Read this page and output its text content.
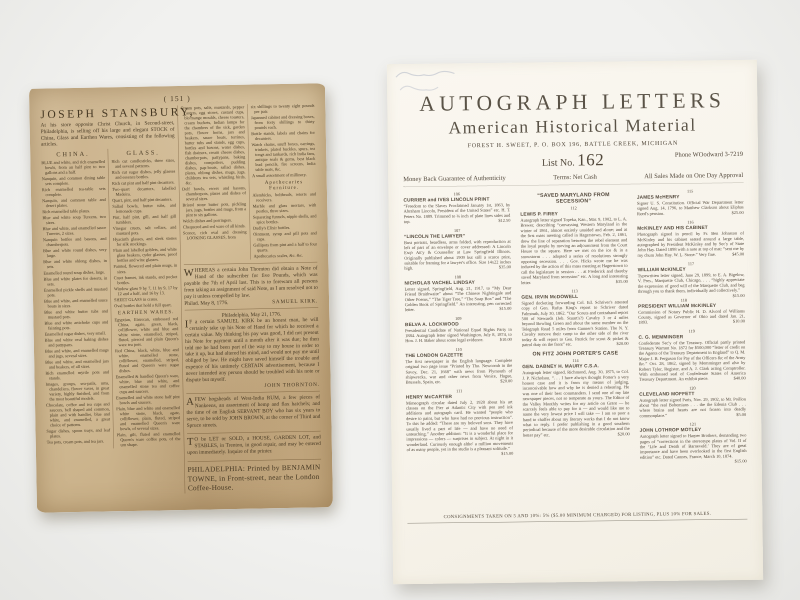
( 151 )
JOSEPH STANSBURY,
At his store opposite Christ Church, in Second-street, Philadelphia, is selling off his large and elegant STOCK of China, Glass and Earthen Wares, consisting of the following articles.
CHINA.
BLUE and white, and rich enamelled bowls, from an half pint to two gallons and a half.
Nanquin, and common dining table sets complete.
Rich enamelled tea-table sets complete.
Nanquin, and common table and desert plates.
Rich enamelled table plates.
Blue and white soup Tureens, two sizes.
Blue and white, and enamelled sauce Tureens, 2 sizes.
Nanquin bottles and basons, and chamberpots.
Blue and white round dishes, very large.
Blue and white oblong dishes, in sets.
Enamelled round soup dishes, large.
Blue and white plates for deserts, in sets.
Enamelled pickle shells and mustard pots.
Blue and white, and enamelled sauce boats in sizes.
Blue and white butter tubs and mustard pots.
Blue and white artichoke cups and fainting pots.
Enamelled sugar dishes, very small.
Blue and white oval baking dishes and pattypans.
Blue and white, and enamelled mugs and jugs, several sizes.
Blue and white, and enamelled jars and beakers, of all sizes.
Rich enamelled myrtle pots and stands.
Images, groups, sea-pails, urns, chandeliers, flower vases, in great variety, highly finished, and from the most beautiful models.
Chocolate, coffee and tea cups and saucers, bell shaped and common, plain and with handles, blue and white, and enamelled, a great choice of patterns.
Sugar dishes, spoon trays, and leaf plates.
Tea pots, cream pots, and tea jars.
GLASS.
Rich cut candlesticks, three sizes, and several patterns.
Rich cut sugar dishes, jelly glasses and essence bottles.
Rich cut pint and half pint decanters.
Two-quart decanters, labelled Madeira.
Quart, pint, and half pint decanters.
Sallad bowls, butter tubs, and lemonade cups.
Pint, half pint, gill, and half gill tumblers.
Vinegar cruets, salt cellars, and mustard pots.
Hyacinth glasses, and sleek stones for silk stockings.
Plain and labelled goblets, and white glass beakers, cyder glasses, proof bottles and wine glasses.
Painted, flowered and plain mugs, in sizes.
Cruet frames, ink stands, and pocket bottles.
Window glass 9 by 7, 11 by 9, 17 by 12 and a half, and 16 by 13.
SHEET GLASS in crates.
Oval bottles that hold a full quart.
EARTHEN WARES.
Egyptian, Etruscan, embossed red China, agate, green, black, colliflower, white and blue and white stone, enamelled, striped, fluted, pierced and plain Queen's ware tea pots.
Red China, black, white, blue and white, enamelled stone, colliflower, enamelled, striped, fluted and Queen's ware sugar dishes.
Enamelled & handled Queen's ware, white, blue and white, and enamelled stone tea and coffee cups and saucers.
Enamelled and white stone half pint bowls and saucers.
Plain, blue and white and enamelled white stone, black, agate, colliflower, plain, fluted, striped and enamelled Queen's ware bowls, of several sizes.
Plain, gilt, fluted and enamelled Queen's ware coffee pots, of the urn shape.
Cream pots, salts, mustards, pepper casters, egg stores, custard cups, blo'mange moulds, cheese toasters, cream buckets, Indian lamps for the chambers of the sick, garden pots, flower horns, jars and beakers, sauce boats, terrines, butter tubs and stands, egg cups, bottles and basons, water dishes, fish drainers, cream cheese dishes, chamberpots, pattypans, baking dishes, compotiers, pudding dishes, pap-boats, sallad dishes, plates, oblong dishes, mugs, jugs, childrens tea sets, whistling birds, &c.
Delf bowls, ewers and basons, chamberpots, plates and dishes of several sizes.
Bristol stone butter pots, pickling jars, jugs, bottles and mugs, from a pint to six gallons.
Welch dishes and porringers.
Chequered and red ware of all kinds.
Sconce, rich oval and dressing LOOKING GLASSES, from
six shillings to twenty eight pounds per pair.
Japanned cabinet and dressing boxes, from forty shillings to thirty pounds each.
Bottle stands, labels and chains for decanters.
Watch chains, snuff boxes, earrings, trinkets, plated buckles, spurs, tea tongs and tankards, rich India fans, antique seals & gems, best black lead pencils, fire screens, India table mats, &c.
A small assortment of millinery.
Apothecaries Furniture.
Alembicks, boltheads, retorts and receivers.
Marble and glass mortars, with pestles, three sizes.
Separating funnels, nipple shells, and spice bottles.
Dudly's Elixir bottles.
Ointment, syrup and pill pots and caps.
Gallipots from pint and a half to four quarts.
Apothecaries scales, &c. &c.
WHEREAS a certain John Thornton did obtain a Note of Hand of the subscriber for five Pounds, which was payable the 7th of April last. This is to forewarn all persons from taking an assignment of said Note, as I am resolved not to pay it unless compelled by law.
Philad. May 8, 1776.	SAMUEL KIRK.
Philadelphia, May 21, 1776.
IF a certain SAMUEL KIRK be an honest man, he will certainly take up his Note of Hand for which he received a certain value. My thinking his pay was good, I did not present his Note for payment until a month after it was due; he then told me he had been part of the way to my house in order to take it up, but had altered his mind, and would not pay me until obliged by law. He might have saved himself the trouble and expence of his untimely CERTAIN advertisement, because I never intended any person should be troubled with his note or dispute but myself.
JOHN THORNTON.
AFEW hogsheads of West-India RUM, a few pieces of Nankeens, an assortment of hemp and flax hatchels; and the time of an English SERVANT BOY who has six years to serve, to be sold by JOHN BROWN, at the corner of Third and Spruce streets.
TO be LET or SOLD, a HOUSE, GARDEN LOT, and STABLES, in Trenton, in good repair, and may be entered upon immediately. Inquire of the printer.
PHILADELPHIA: Printed by BENJAMIN TOWNE, in Front-street, near the London Coffee-House.
AUTOGRAPH LETTERS
American Historical Material
FOREST H. SWEET, P. O. BOX 196, BATTLE CREEK, MICHIGAN
List No. 162	Phone WOodward 3-7219
Money Back Guarantee of Authenticity	Terms: Net Cash	All Sales Made on One Day Approval
106
CURRIER and IVES LINCOLN PRINT
“Freedom to the Slaves Proclaimed January 1st, 1863, by Abraham Lincoln, President of the United States” etc. H. T. Peters No. 1889. Trimmed to ¾ inch of plate lines sides and top.	$12.50
107
“LINCOLN THE LAWYER”
Bust portrait, beardless, arms folded, with reproduction at left of part of an envelope or cover addressed: A Lincoln Esq'r Att'y & Counsellor at Law Springfield Illinois. Originally published about 1909 but still a scarce print, suitable for framing for a lawyer's office. Size 14x22 inches high.	$35.00
108
NICHOLAS VACHEL LINDSAY
Letter signed, Springfield, Aug. 21, 1917, to “My Dear Friend Braithwaite” about “The Chinese Nightingale and Other Poems,” “The Tiger Tree,” “The Soap Box” and “The Golden Book of Springfield.” An interesting, pen corrected letter.	$15.00
109
BELVA A. LOCKWOOD
Presidential Candidate of National Equal Rights Party in 1884. Autograph letter signed Washington, July 8, 1874, to Hon. J. H. Baker about some legal evidence.	$10.00
110
THE LONDON GAZETTE
The first newspaper in the English language. Complete original two page issue “Printed by Tho. Newcomb in the Savoy, Dec. 21, 1668” with news from Plymouth of shipwrecks, war and other news from Venice, Hague, Brussels, Spain, etc.	$20.00
111
HENRY McCARTER
Mimeograph circular dated July 2, 1928 about his art classes on the Pier at Atlantic City with pen and ink additions and autograph card. He wanted “people who desire to paint, but who have had no previous instruction”. To this he added: “These are my beloved sons. They have usually lived a part of life — and have no need of unteaching.” Another addition: “It is a wonderful place for impressions — colors — surprises in subject. At night in it wonderland. Curiously enough altho' a million movements of as many people, yet in the studio is a pleasant solitude.”
$15.00
“SAVED MARYLAND FROM SECESSION”
112
LEWIS P. FIREY
Autograph letter signed Topeka, Kan., Mar. 9, 1902, to L. A. Brewer, describing “canvassing Western Maryland in the winter of 1861, almost entirely unaided and alone; and at the first mass meeting called in Hagerstown, Feb. 2, 1861, drew the line of separation between the rebel element and the loyal people by moving an adjournment from the Court House to the square. Here we met on the ice & in a snowstorm . . . adopted a series of resolutions strongly opposing secession. . . . Gov. Hicks wrote me he was induced by the action of this mass meeting at Hagerstown to call the legislature in session . . . at Frederick and thereby saved Maryland from secession” etc. A long and interesting letter.	$35.00
113
GEN. IRVIN McDOWELL
Signed docketing forwarding Col. Ed. Schriver's attested copy of Gen. Rufus King's report to Schriver dated Falmouth, July 30, 1862. “Our Scouts and contraband report 500 of Stewards (Jeb. Stuart's?) Cavalry 3 or 4 miles beyond Bowling Green and about the same number on the Telegraph Road 5 miles from Gunner's Station. The N. Y. Cavalry remove their camp to the other side of the river today & will report to Gen. Patrick for scout & picket & patrol duty on the front” etc.	$20.00
ON FITZ JOHN PORTER'S CASE
114
GEN. DABNEY H. MAURY C.S.A.
Autograph letter signed, Richmond, Aug. 30, 1875, to Col. J. P. Nicholson. “. . . I have always thought Porter's a very honest case and it is from my means of judging, inconceivable how and why he is denied a rehearing. He was one of their best commanders. I send one of my late newspaper pieces, not so temperate as yours. The Editor of the Valley Monthly writes for my article on Grant — he scarcely feels able to pay for it — and would like me to name the very lowest price I will take — I am so poor a hand to chaffer about my literary works that I do not know what to reply. I prefer publishing in a good southern periodical because of the more desirable circulation and the better pay” etc.	$20.00
115
JAMES McHENRY
Signer U. S. Constitution. Official War Department letter signed Aug. 14, 1796, to Matthew Clarkson about Eliphas Reed's pension.	$25.00
116
McKINLEY AND HIS CABINET
Photograph signed in pencil by Fr. Ben Johnston of McKinley and his cabinet seated around a large table, autographed by President McKinley and by Sec'y of State John Hay. Dated 1898 with a note at top of mat: “sent me by my chum John Hay. W. L. Stone.” Very fine.	$45.00
117
WILLIAM McKINLEY
Typewritten letter signed, June 29, 1899, to E. A. Bigelow, V. Pres., Marquette Club, Chicago, . . . “highly appreciate the expression of good will of the Marquette Club, and beg through you to thank them, individually and collectively.”
$15.00
118
PRESIDENT WILLIAM McKINLEY
Commission of Notary Public H. D. Alvord of Williams County, signed as Governor of Ohio and dated Jan. 21, 1893.	$10.00
119
C. G. MEMMINGER
Confederate Sec'y of the Treasury. Official partly printed Treasury Warrant No. 1872 for $500,000 “letter of credit on the Agents of the Treasury Department in England” to Q. M. Major J. B. Ferguson for Pay of the Officers &c of the Army &c.” Oct. 28, 1862, signed by Memminger and also by Robert Tyler, Register, and A. J. Clark acting Comptroller. With embossed seal of Confederate States of America Treasury Department. An exhibit piece.	$40.00
120
CLEVELAND MOFFETT
Autograph letter signed Paris, Nov. 29, 1902, to Mr. Poillon about “the real Bohemians . . . the the Edenia Club . . . where brains and hearts are not frozen into deadly commonplace.”	$5.00
121
JOHN LOTHROP MOTLEY
Autograph letter signed to Harper Brothers, demanding two pages of “corrections in the stereotype plates of Vol. II of the ‘Life and Death of Barneveld.’ They are of great importance and have been overlooked in the first English edition” etc. Dated Cannes, France, March 10, 1874.
$15.00
CONSIGNMENTS TAKEN ON 5 AND 10%: 5% ($5.00 MINIMUM CHARGED) FOR LISTING, PLUS 10% FOR SALES.
